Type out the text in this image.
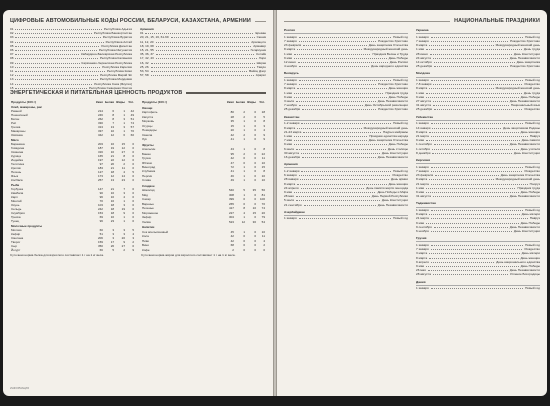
ЦИФРОВЫЕ АВТОМОБИЛЬНЫЕ КОДЫ РОССИИ, БЕЛАРУСИ, КАЗАХСТАНА, АРМЕНИИ
01	Республика Адыгея
02	Республика Башкортостан
03	Республика Бурятия
04	Республика Алтай
05	Республика Дагестан
06	Республика Ингушетия
07	Кабардино-Балкарская Республика
08	Республика Калмыкия
09	Карачаево-Черкесская Республика
10	Республика Карелия
11	Республика Коми
12	Республика Марий Эл
13	Республика Мордовия
14	Республика Саха (Якутия)
15	Республика Северная Осетия
Армения
01	Ереван
20, 21, 15, 16, 61-69	Сюник
11, 12, 20	Арагацотн
18, 19, 68	Армавир
15, 21, 55	Гегаркуник
35, 36, 37	Котайк
17, 42, 43	Лори
16, 32	Ширак
25, 26	Тавуш
53, 54	Вайоц Дзор
57, 58	Арарат
ЭНЕРГЕТИЧЕСКАЯ И ПИТАТЕЛЬНАЯ ЦЕННОСТЬ ПРОДУКТОВ
Продукты (100 г)	Ккал	Белки	Жиры	Угл.
Хлеб, макароны, рис				
Ржаной	214	6	1	42
Пшеничный	246	8	1	49
Батон	262	8	3	51
Рис	330	7	1	74
Гречка	313	13	3	57
Макароны	337	10	1	70
Овсянка	342	12	6	60
Мясо				
Баранина	203	16	15	0
Говядина	187	19	12	0
Свинина	316	16	27	0
Курица	165	21	8	0
Индейка	197	22	12	0
Телятина	97	20	2	0
Кролик	183	21	11	0
Печень	127	18	4	5
Язык	173	12	14	0
Колбаса	257	13	23	0
Рыба				
Горбуша	147	21	7	0
Камбала	90	16	3	0
Карп	96	16	4	0
Минтай	70	16	1	0
Окунь	103	18	3	0
Сельдь	242	18	19	0
Скумбрия	153	18	9	0
Треска	69	16	1	0
Тунец	96	23	1	0
Молочные продукты				
Молоко	60	3	3	5
Кефир	51	3	3	4
Сметана	206	3	20	3
Творог	159	17	9	2
Сыр	350	26	27	0
Йогурт	66	5	2	9
Продукты (100 г)	Ккал	Белки	Жиры	Угл.
Овощи				
Картофель	80	2	0	18
Капуста	28	2	0	5
Морковь	35	1	0	8
Огурцы	15	1	0	3
Помидоры	20	1	0	4
Свекла	42	2	0	9
Лук	41	1	0	9
Фрукты				
Апельсин	43	1	0	8
Банан	95	2	0	22
Груша	42	0	0	11
Яблоко	47	0	0	10
Виноград	72	1	0	15
Клубника	41	1	0	8
Персик	46	1	0	10
Слива	49	1	0	10
Сладкое				
Шоколад	540	5	35	56
Мёд	308	1	0	81
Сахар	399	0	0	100
Варенье	265	0	0	70
Печенье	417	8	10	74
Мороженое	227	4	15	20
Зефир	304	1	0	79
Халва	523	12	30	54
Напитки				
Сок апельсиновый	45	1	0	10
Кола	42	0	0	11
Пиво	42	0	0	4
Вино	68	0	0	2
Кофе	2	0	0	0
Суточная норма белка для взрослого составляет 1 г на 1 кг веса.	Суточная норма жиров для взрослого составляет 1 г на 1 кг веса.
ИНФОРМАЦИЯ
НАЦИОНАЛЬНЫЕ ПРАЗДНИКИ
Россия
1 января	Новый год
7 января	Рождество Христово
23 февраля	День защитника Отечества
8 марта	Международный женский день
1 мая	Праздник Весны и Труда
9 мая	День Победы
12 июня	День России
4 ноября	День народного единства
Беларусь
1 января	Новый год
7 января	Рождество Христово
8 марта	День женщин
1 мая	Праздник труда
9 мая	День Победы
3 июля	День Независимости
7 ноября	День Октябрьской революции
25 декабря	Рождество Христово
Казахстан
1-2 января	Новый год
8 марта	Международный женский день
21-23 марта	Наурыз мейрамы
1 мая	Праздник единства народа
7 мая	День защитника Отечества
9 мая	День Победы
6 июля	День столицы
30 августа	День Конституции
16 декабря	День Независимости
Армения
1-2 января	Новый год
6 января	Рождество
28 января	День армии
8 марта	День женщин
24 апреля	День памяти жертв геноцида
9 мая	День Победы и Мира
28 мая	День Первой Республики
5 июля	День Конституции
21 сентября	День Независимости
Азербайджан
1 января	Новый год
Украина
1 января	Новый год
7 января	Рождество Христово
8 марта	Международный женский день
1 мая	День труда
28 июня	День Конституции
24 августа	День Независимости
14 октября	День защитника
25 декабря	Рождество Христово
Молдова
1 января	Новый год
7-8 января	Рождество
8 марта	Международный женский день
1 мая	День труда
9 мая	День Победы
27 августа	День Независимости
31 августа	Национальный язык
25 декабря	Рождество
Узбекистан
1 января	Новый год
14 января	День защитников Родины
8 марта	День женщин
21 марта	Навруз
9 мая	День памяти
1 сентября	День Независимости
1 октября	День учителя
8 декабря	День Конституции
Киргизия
1 января	Новый год
7 января	Рождество
23 февраля	День защитника Отечества
8 марта	Международный женский день
21 марта	Нооруз
1 мая	Праздник труда
9 мая	День Победы
31 августа	День Независимости
Таджикистан
1 января	Новый год
8 марта	День матери
21 марта	Навруз
9 мая	День Победы
9 сентября	День Независимости
6 ноября	День Конституции
Грузия
1 января	Новый год
7 января	Рождество
3 марта	День матери
8 марта	День женщин
9 апреля	День национального единства
9 мая	День Победы
26 мая	День Независимости
28 августа	Успение Богородицы
Дания
1 января	Новый год
